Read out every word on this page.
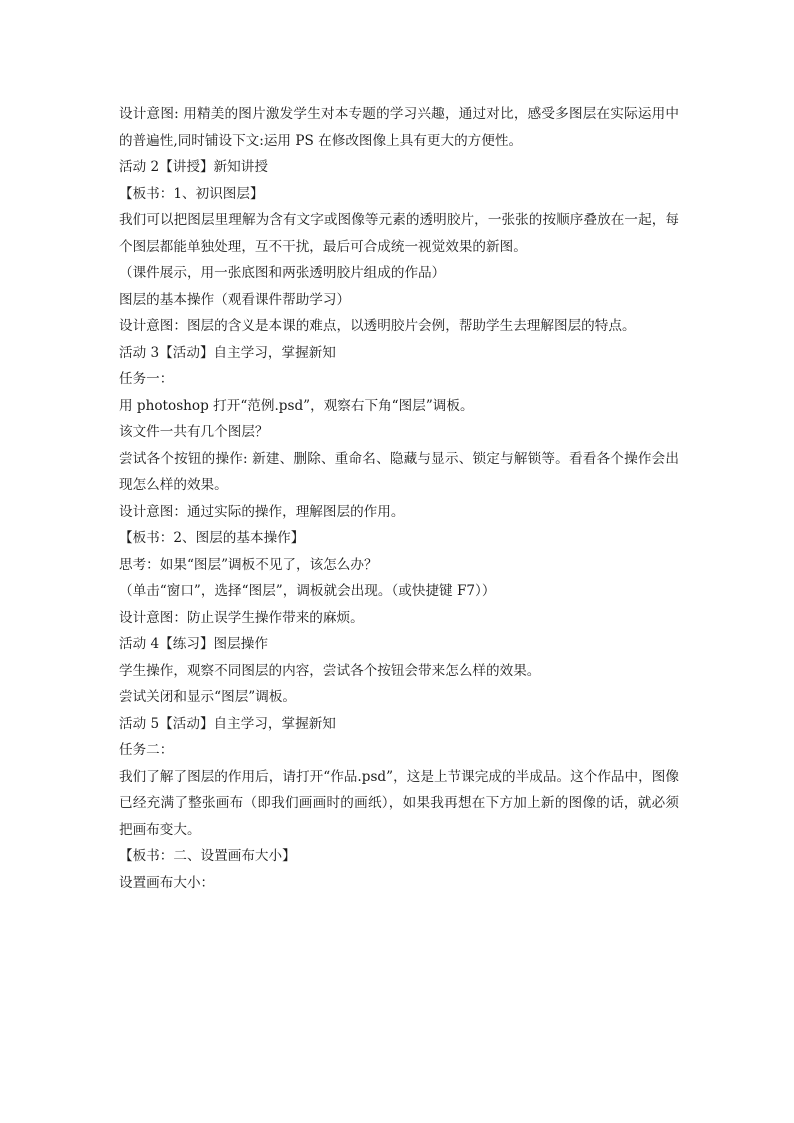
设计意图: 用精美的图片激发学生对本专题的学习兴趣，通过对比，感受多图层在实际运用中的普遍性,同时铺设下文:运用 PS 在修改图像上具有更大的方便性。

活动 2【讲授】新知讲授

【板书：1、初识图层】

我们可以把图层里理解为含有文字或图像等元素的透明胶片，一张张的按顺序叠放在一起，每个图层都能单独处理，互不干扰，最后可合成统一视觉效果的新图。

（课件展示，用一张底图和两张透明胶片组成的作品）

图层的基本操作（观看课件帮助学习）

设计意图：图层的含义是本课的难点，以透明胶片会例，帮助学生去理解图层的特点。

活动 3【活动】自主学习，掌握新知

任务一：

用 photoshop 打开“范例.psd”，观察右下角“图层”调板。

该文件一共有几个图层？

尝试各个按钮的操作: 新建、删除、重命名、隐藏与显示、锁定与解锁等。看看各个操作会出现怎么样的效果。

设计意图：通过实际的操作，理解图层的作用。

【板书：2、图层的基本操作】

思考：如果“图层”调板不见了，该怎么办？

（单击“窗口”，选择“图层”，调板就会出现。（或快捷键 F7））

设计意图：防止误学生操作带来的麻烦。

活动 4【练习】图层操作

学生操作，观察不同图层的内容，尝试各个按钮会带来怎么样的效果。

尝试关闭和显示“图层”调板。

活动 5【活动】自主学习，掌握新知

任务二：

我们了解了图层的作用后，请打开“作品.psd”，这是上节课完成的半成品。这个作品中，图像已经充满了整张画布（即我们画画时的画纸），如果我再想在下方加上新的图像的话，就必须把画布变大。

【板书：二、设置画布大小】

设置画布大小：
